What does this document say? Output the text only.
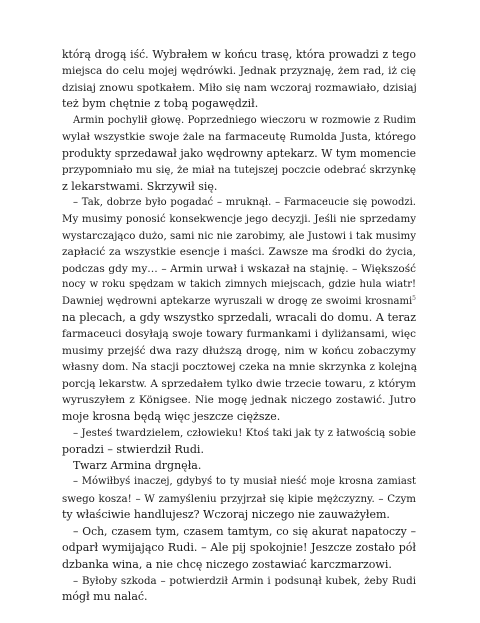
którą drogą iść. Wybrałem w końcu trasę, która prowadzi z tego
miejsca do celu mojej wędrówki. Jednak przyznaję, żem rad, iż cię
dzisiaj znowu spotkałem. Miło się nam wczoraj rozmawiało, dzisiaj
też bym chętnie z tobą pogawędził.
Armin pochylił głowę. Poprzedniego wieczoru w rozmowie z Rudim
wylał wszystkie swoje żale na farmaceutę Rumolda Justa, którego
produkty sprzedawał jako wędrowny aptekarz. W tym momencie
przypomniało mu się, że miał na tutejszej poczcie odebrać skrzynkę
z lekarstwami. Skrzywił się.
– Tak, dobrze było pogadać – mruknął. – Farmaceucie się powodzi.
My musimy ponosić konsekwencje jego decyzji. Jeśli nie sprzedamy
wystarczająco dużo, sami nic nie zarobimy, ale Justowi i tak musimy
zapłacić za wszystkie esencje i maści. Zawsze ma środki do życia,
podczas gdy my… – Armin urwał i wskazał na stajnię. – Większość
nocy w roku spędzam w takich zimnych miejscach, gdzie hula wiatr!
Dawniej wędrowni aptekarze wyruszali w drogę ze swoimi krosnami$^5$
na plecach, a gdy wszystko sprzedali, wracali do domu. A teraz
farmaceuci dosyłają swoje towary furmankami i dyliżansami, więc
musimy przejść dwa razy dłuższą drogę, nim w końcu zobaczymy
własny dom. Na stacji pocztowej czeka na mnie skrzynka z kolejną
porcją lekarstw. A sprzedałem tylko dwie trzecie towaru, z którym
wyruszyłem z Königsee. Nie mogę jednak niczego zostawić. Jutro
moje krosna będą więc jeszcze cięższe.
– Jesteś twardzielem, człowieku! Ktoś taki jak ty z łatwością sobie
poradzi – stwierdził Rudi.
Twarz Armina drgnęła.
– Mówiłbyś inaczej, gdybyś to ty musiał nieść moje krosna zamiast
swego kosza! – W zamyśleniu przyjrzał się kipie mężczyzny. – Czym
ty właściwie handlujesz? Wczoraj niczego nie zauważyłem.
– Och, czasem tym, czasem tamtym, co się akurat napatoczy –
odparł wymijająco Rudi. – Ale pij spokojnie! Jeszcze zostało pół
dzbanka wina, a nie chcę niczego zostawiać karczmarzowi.
– Byłoby szkoda – potwierdził Armin i podsunął kubek, żeby Rudi
mógł mu nalać.
